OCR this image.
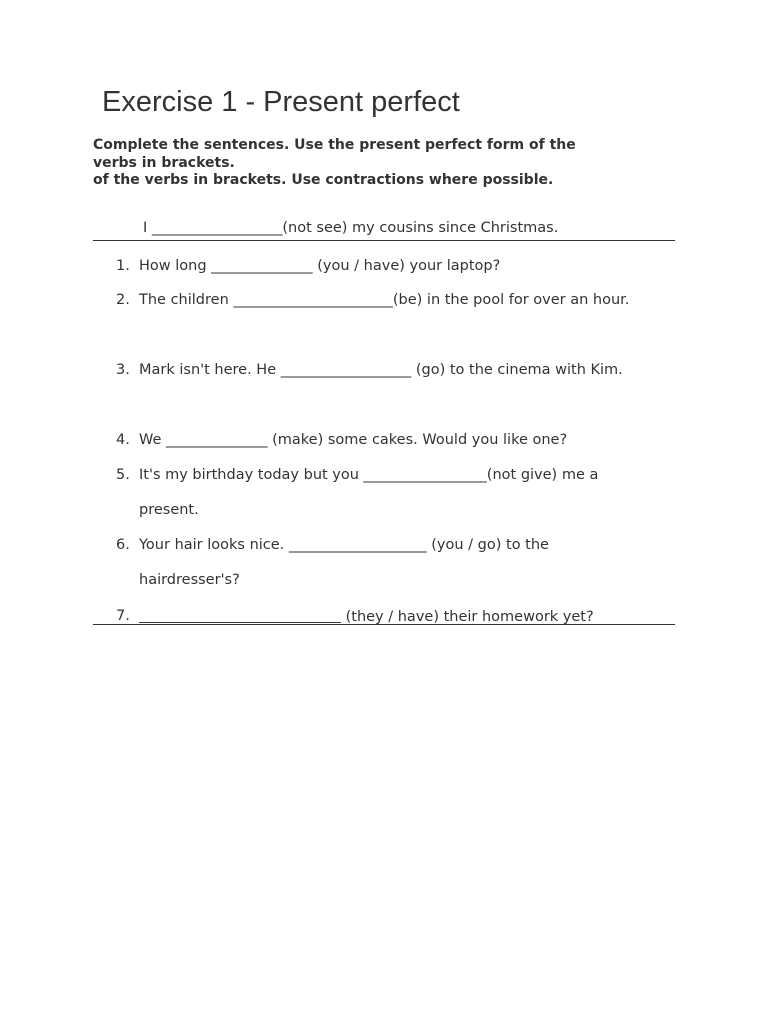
Exercise 1 - Present perfect
Complete the sentences. Use the present perfect form of the
verbs in brackets.
of the verbs in brackets. Use contractions where possible.
I __________________(not see) my cousins since Christmas.
1. How long ______________ (you / have) your laptop?
2. The children ______________________(be) in the pool for over an hour.
3. Mark isn't here. He __________________ (go) to the cinema with Kim.
4. We ______________ (make) some cakes. Would you like one?
5. It's my birthday today but you _________________(not give) me a
present.
6. Your hair looks nice. ___________________ (you / go) to the
hairdresser's?
7.	(they / have) their homework yet?
